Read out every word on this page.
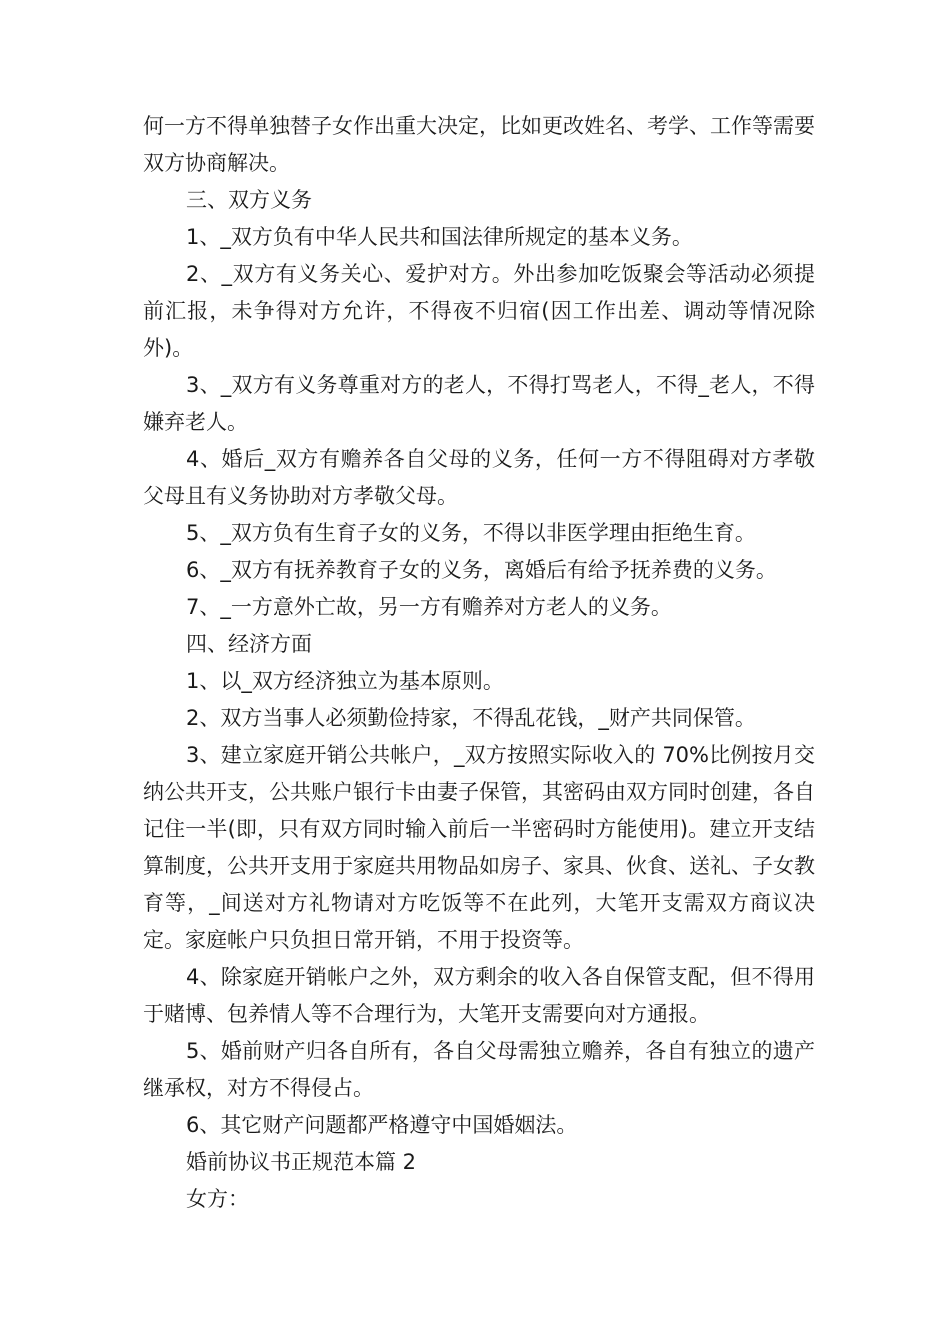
何一方不得单独替子女作出重大决定，比如更改姓名、考学、工作等需要双方协商解决。

三、双方义务

1、_双方负有中华人民共和国法律所规定的基本义务。

2、_双方有义务关心、爱护对方。外出参加吃饭聚会等活动必须提前汇报，未争得对方允许，不得夜不归宿(因工作出差、调动等情况除外)。

3、_双方有义务尊重对方的老人，不得打骂老人，不得_老人，不得嫌弃老人。

4、婚后_双方有赡养各自父母的义务，任何一方不得阻碍对方孝敬父母且有义务协助对方孝敬父母。

5、_双方负有生育子女的义务，不得以非医学理由拒绝生育。

6、_双方有抚养教育子女的义务，离婚后有给予抚养费的义务。

7、_一方意外亡故，另一方有赡养对方老人的义务。

四、经济方面

1、以_双方经济独立为基本原则。

2、双方当事人必须勤俭持家，不得乱花钱，_财产共同保管。

3、建立家庭开销公共帐户，_双方按照实际收入的 70%比例按月交纳公共开支，公共账户银行卡由妻子保管，其密码由双方同时创建，各自记住一半(即，只有双方同时输入前后一半密码时方能使用)。建立开支结算制度，公共开支用于家庭共用物品如房子、家具、伙食、送礼、子女教育等，_间送对方礼物请对方吃饭等不在此列，大笔开支需双方商议决定。家庭帐户只负担日常开销，不用于投资等。

4、除家庭开销帐户之外，双方剩余的收入各自保管支配，但不得用于赌博、包养情人等不合理行为，大笔开支需要向对方通报。

5、婚前财产归各自所有，各自父母需独立赡养，各自有独立的遗产继承权，对方不得侵占。

6、其它财产问题都严格遵守中国婚姻法。

婚前协议书正规范本篇 2

女方：
